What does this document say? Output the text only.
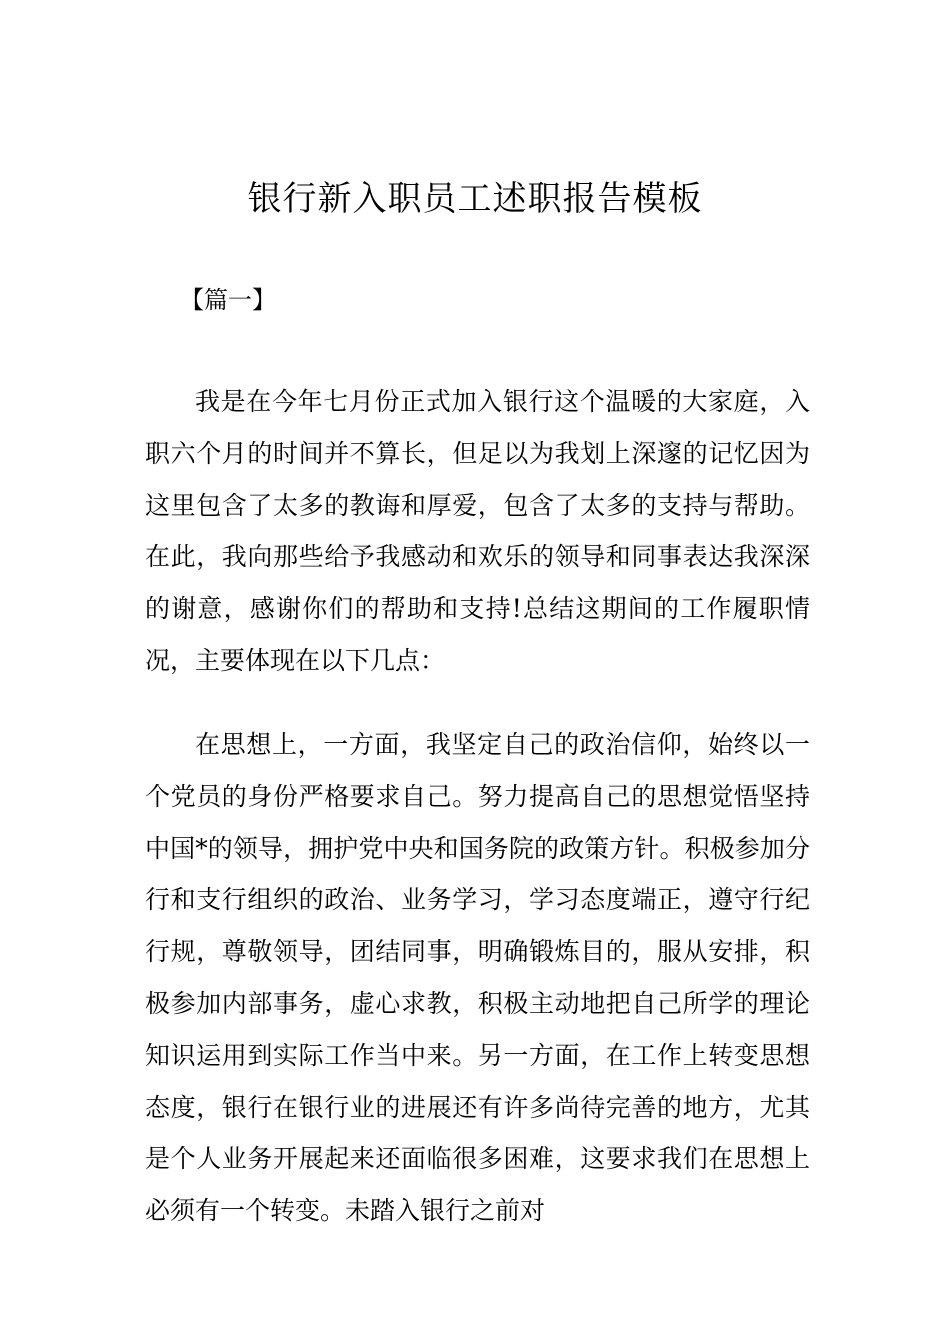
银行新入职员工述职报告模板

【篇一】

我是在今年七月份正式加入银行这个温暖的大家庭，入职六个月的时间并不算长，但足以为我划上深邃的记忆因为这里包含了太多的教诲和厚爱，包含了太多的支持与帮助。在此，我向那些给予我感动和欢乐的领导和同事表达我深深的谢意，感谢你们的帮助和支持!总结这期间的工作履职情况，主要体现在以下几点：

在思想上，一方面，我坚定自己的政治信仰，始终以一个党员的身份严格要求自己。努力提高自己的思想觉悟坚持中国*的领导，拥护党中央和国务院的政策方针。积极参加分行和支行组织的政治、业务学习，学习态度端正，遵守行纪行规，尊敬领导，团结同事，明确锻炼目的，服从安排，积极参加内部事务，虚心求教，积极主动地把自己所学的理论知识运用到实际工作当中来。另一方面，在工作上转变思想态度，银行在银行业的进展还有许多尚待完善的地方，尤其是个人业务开展起来还面临很多困难，这要求我们在思想上必须有一个转变。未踏入银行之前对
